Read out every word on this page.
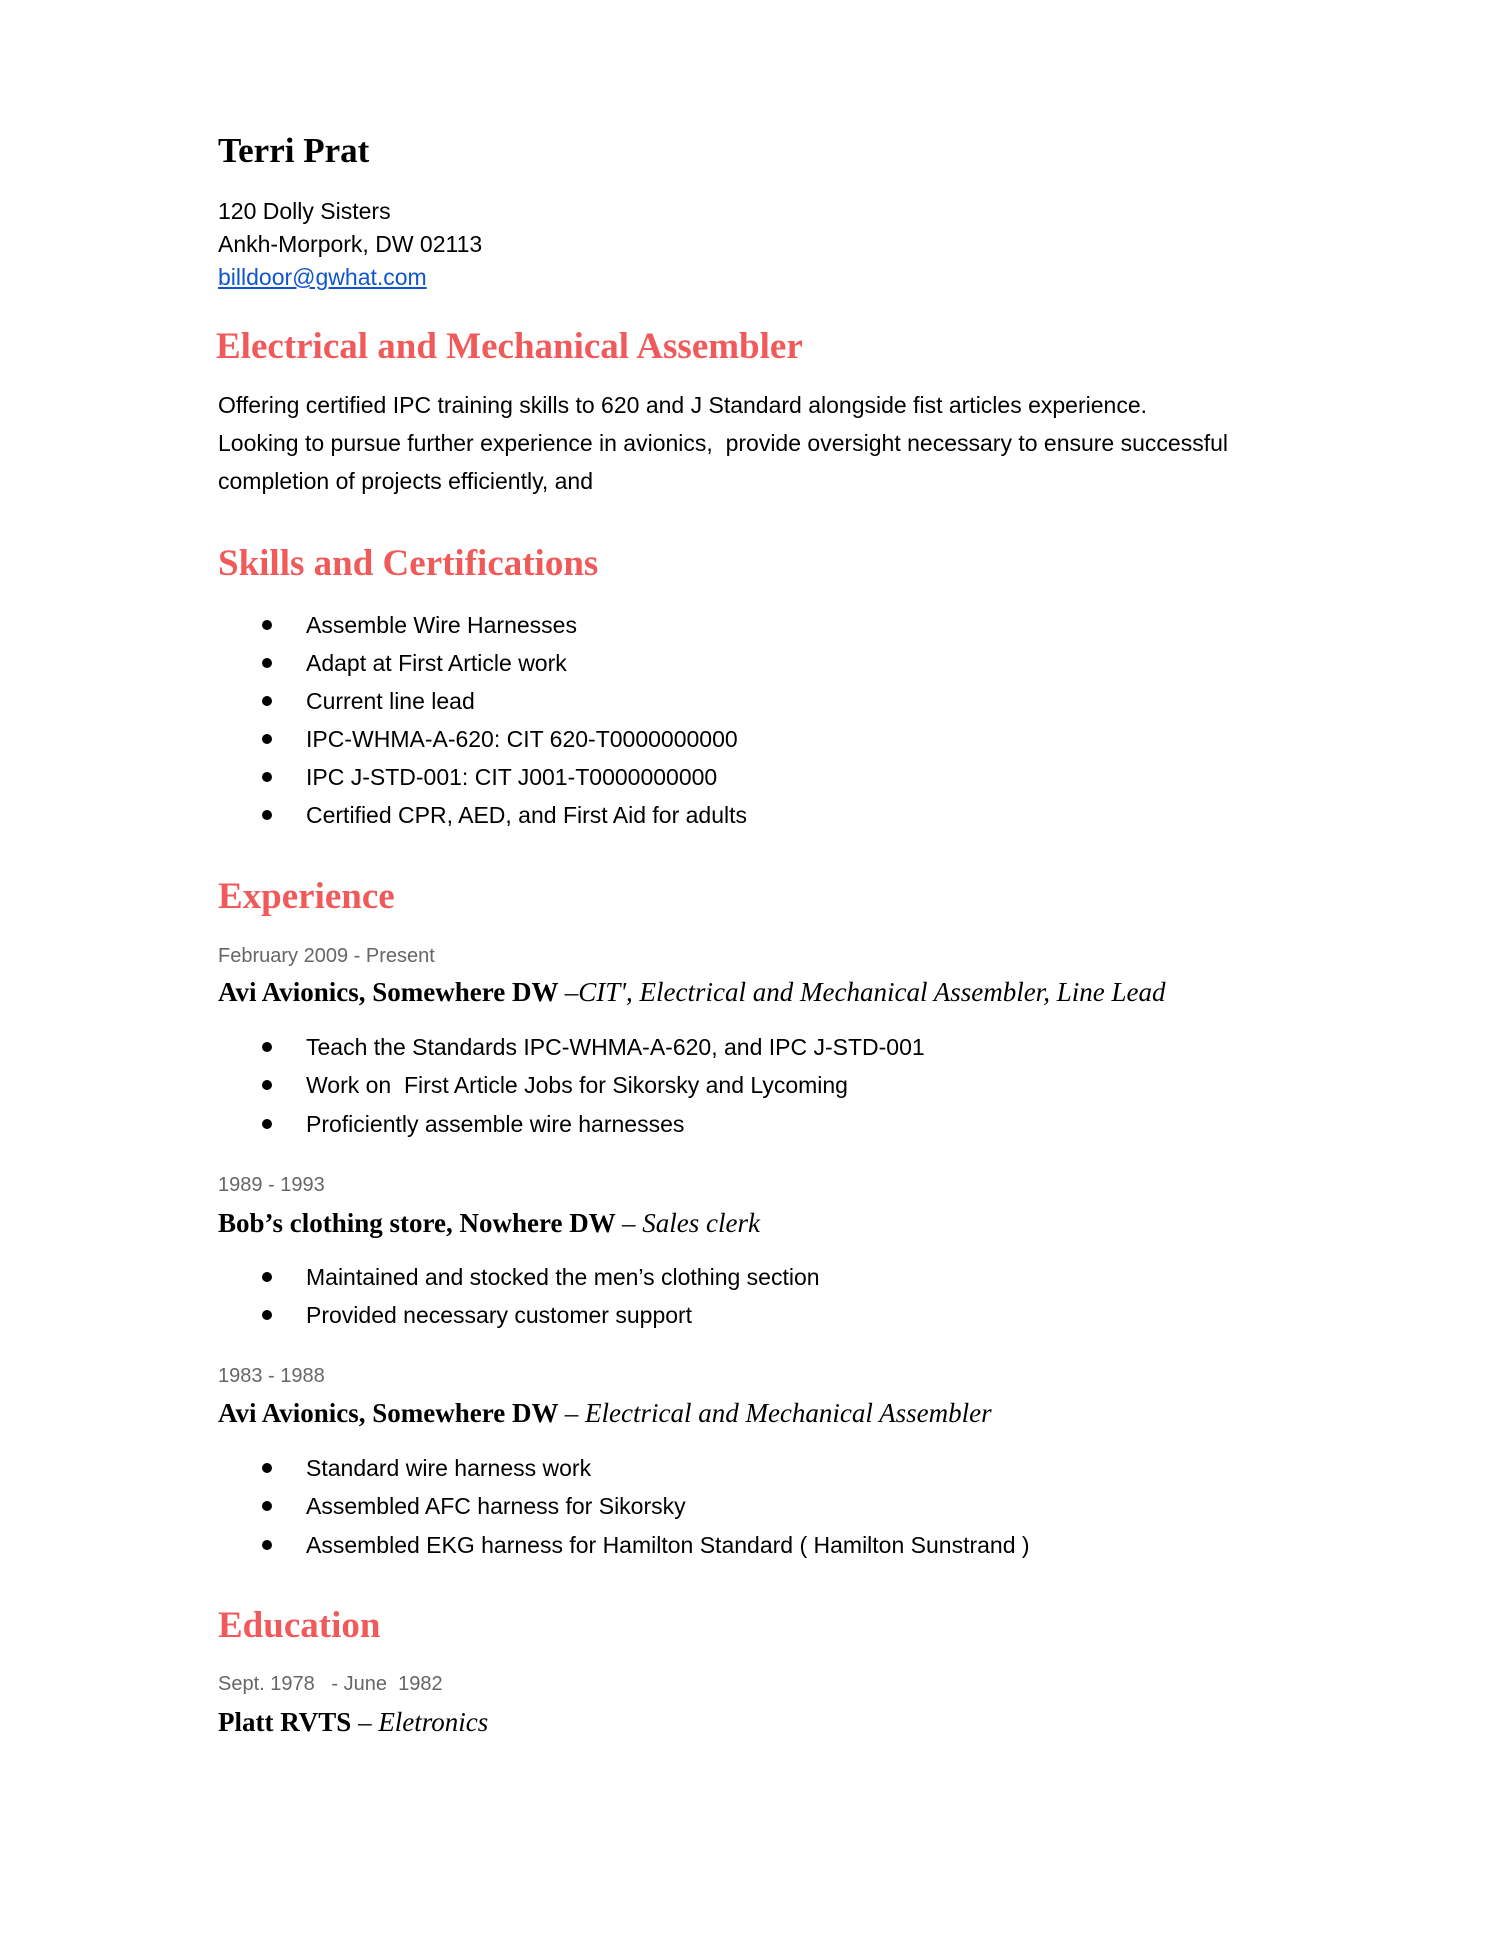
Terri Prat
120 Dolly Sisters
Ankh-Morpork, DW 02113
billdoor@gwhat.com
Electrical and Mechanical Assembler
Offering certified IPC training skills to 620 and J Standard alongside fist articles experience.
Looking to pursue further experience in avionics,  provide oversight necessary to ensure successful
completion of projects efficiently, and
Skills and Certifications
Assemble Wire Harnesses
Adapt at First Article work
Current line lead
IPC-WHMA-A-620: CIT 620-T0000000000
IPC J-STD-001: CIT J001-T0000000000
Certified CPR, AED, and First Aid for adults
Experience
February 2009 - Present
Avi Avionics, Somewhere DW –CITʹ, Electrical and Mechanical Assembler, Line Lead
Teach the Standards IPC-WHMA-A-620, and IPC J-STD-001
Work on  First Article Jobs for Sikorsky and Lycoming
Proficiently assemble wire harnesses
1989 - 1993
Bob’s clothing store, Nowhere DW – Sales clerk
Maintained and stocked the men’s clothing section
Provided necessary customer support
1983 - 1988
Avi Avionics, Somewhere DW – Electrical and Mechanical Assembler
Standard wire harness work
Assembled AFC harness for Sikorsky
Assembled EKG harness for Hamilton Standard ( Hamilton Sunstrand )
Education
Sept. 1978   - June  1982
Platt RVTS – Eletronics
